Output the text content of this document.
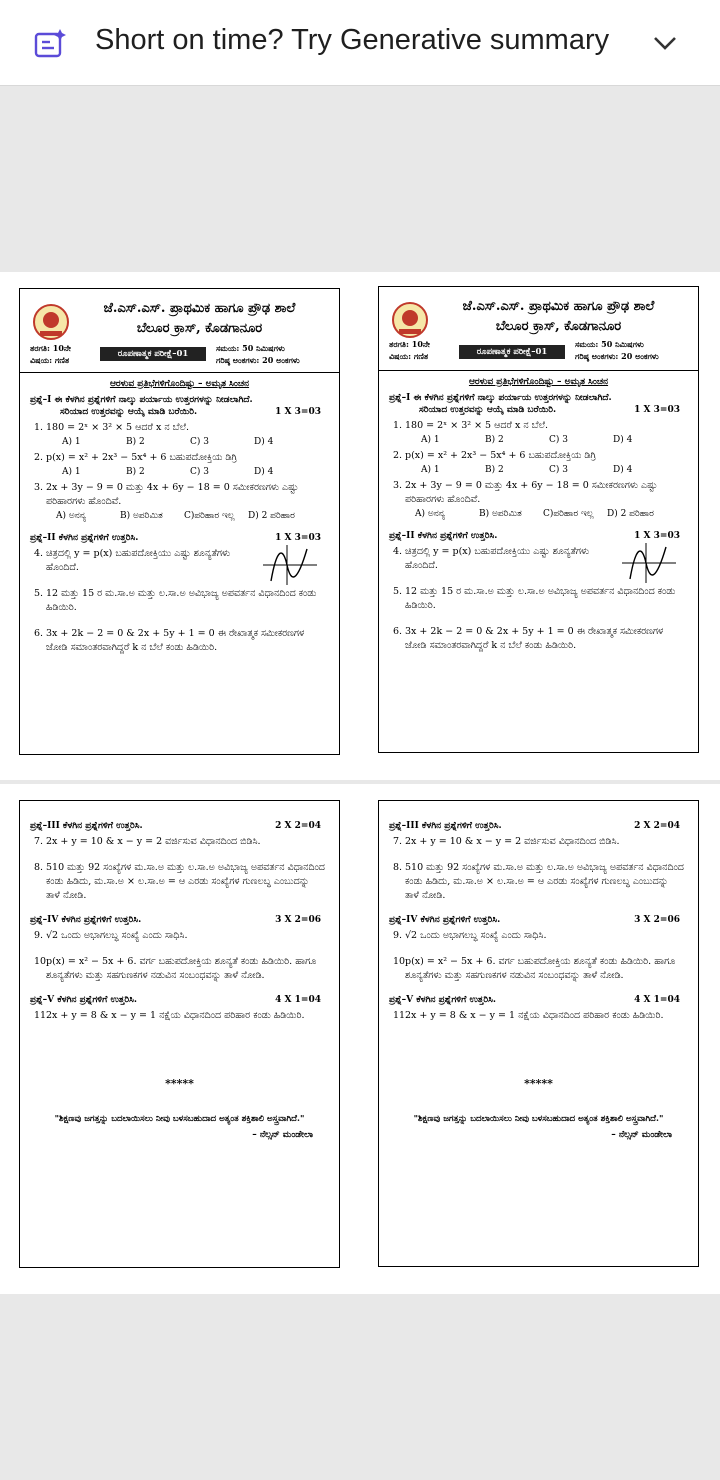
Short on time? Try Generative summary
ಜೆ.ಎಸ್.ಎಸ್. ಪ್ರಾಥಮಿಕ ಹಾಗೂ ಪ್ರೌಢ ಶಾಲೆ
ಬೆಲೂರ ಕ್ರಾಸ್, ಕೊಡಗಾನೂರ
ತರಗತಿ: 10ನೇ
ವಿಷಯ: ಗಣಿತ
ರೂಪಣಾತ್ಮಕ ಪರೀಕ್ಷೆ–01
ಸಮಯ: 50 ನಿಮಿಷಗಳು
ಗರಿಷ್ಠ ಅಂಕಗಳು: 20 ಅಂಕಗಳು
ಆರಳುವ ಪ್ರತಿಭೆಗಳಿಗೊಂದಿಷ್ಟು – ಅಮೃತ ಸಿಂಚನ
ಪ್ರಶ್ನೆ–I ಈ ಕೆಳಗಿನ ಪ್ರಶ್ನೆಗಳಿಗೆ ನಾಲ್ಕು ಪರ್ಯಾಯ ಉತ್ತರಗಳನ್ನು ನೀಡಲಾಗಿದೆ.
ಸರಿಯಾದ ಉತ್ತರವನ್ನು ಆಯ್ಕೆ ಮಾಡಿ ಬರೆಯಿರಿ.	1 X 3=03
1. 180 = 2ˣ × 3² × 5 ಆದರೆ x ನ ಬೆಲೆ.
A) 1	B) 2	C) 3	D) 4
2. p(x) = x² + 2x³ − 5x⁴ + 6 ಬಹುಪದೋಕ್ತಿಯ ಡಿಗ್ರಿ
A) 1	B) 2	C) 3	D) 4
3. 2x + 3y − 9 = 0 ಮತ್ತು 4x + 6y − 18 = 0 ಸಮೀಕರಣಗಳು ಎಷ್ಟು ಪರಿಹಾರಗಳು ಹೊಂದಿವೆ.
A) ಅನನ್ಯ	B) ಅಪರಿಮಿತ	C)ಪರಿಹಾರ ಇಲ್ಲ	D) 2 ಪರಿಹಾರ
ಪ್ರಶ್ನೆ–II ಕೆಳಗಿನ ಪ್ರಶ್ನೆಗಳಿಗೆ ಉತ್ತರಿಸಿ.	1 X 3=03
4. ಚಿತ್ರದಲ್ಲಿ y = p(x) ಬಹುಪದೋಕ್ತಿಯು ಎಷ್ಟು ಶೂನ್ಯತೆಗಳು ಹೊಂದಿದೆ.
5. 12 ಮತ್ತು 15 ರ ಮ.ಸಾ.ಅ ಮತ್ತು ಲ.ಸಾ.ಅ ಅವಿಭಾಜ್ಯ ಅಪವರ್ತನ ವಿಧಾನದಿಂದ ಕಂಡು ಹಿಡಿಯಿರಿ.
6. 3x + 2k − 2 = 0 & 2x + 5y + 1 = 0 ಈ ರೇಖಾತ್ಮಕ ಸಮೀಕರಣಗಳ ಜೋಡಿ ಸಮಾಂತರವಾಗಿದ್ದರೆ k ನ ಬೆಲೆ ಕಂಡು ಹಿಡಿಯಿರಿ.
ಜೆ.ಎಸ್.ಎಸ್. ಪ್ರಾಥಮಿಕ ಹಾಗೂ ಪ್ರೌಢ ಶಾಲೆ
ಬೆಲೂರ ಕ್ರಾಸ್, ಕೊಡಗಾನೂರ
ತರಗತಿ: 10ನೇ
ವಿಷಯ: ಗಣಿತ	ರೂಪಣಾತ್ಮಕ ಪರೀಕ್ಷೆ–01
ಸಮಯ: 50 ನಿಮಿಷಗಳು
ಗರಿಷ್ಠ ಅಂಕಗಳು: 20 ಅಂಕಗಳು
ಆರಳುವ ಪ್ರತಿಭೆಗಳಿಗೊಂದಿಷ್ಟು – ಅಮೃತ ಸಿಂಚನ
ಪ್ರಶ್ನೆ–I ಈ ಕೆಳಗಿನ ಪ್ರಶ್ನೆಗಳಿಗೆ ನಾಲ್ಕು ಪರ್ಯಾಯ ಉತ್ತರಗಳನ್ನು ನೀಡಲಾಗಿದೆ.
ಸರಿಯಾದ ಉತ್ತರವನ್ನು ಆಯ್ಕೆ ಮಾಡಿ ಬರೆಯಿರಿ.	1 X 3=03
1. 180 = 2ˣ × 3² × 5 ಆದರೆ x ನ ಬೆಲೆ.
A) 1	B) 2	C) 3	D) 4
2. p(x) = x² + 2x³ − 5x⁴ + 6 ಬಹುಪದೋಕ್ತಿಯ ಡಿಗ್ರಿ
A) 1	B) 2	C) 3	D) 4
3. 2x + 3y − 9 = 0 ಮತ್ತು 4x + 6y − 18 = 0 ಸಮೀಕರಣಗಳು ಎಷ್ಟು ಪರಿಹಾರಗಳು ಹೊಂದಿವೆ.
A) ಅನನ್ಯ	B) ಅಪರಿಮಿತ	C)ಪರಿಹಾರ ಇಲ್ಲ	D) 2 ಪರಿಹಾರ
ಪ್ರಶ್ನೆ–II ಕೆಳಗಿನ ಪ್ರಶ್ನೆಗಳಿಗೆ ಉತ್ತರಿಸಿ.	1 X 3=03
4. ಚಿತ್ರದಲ್ಲಿ y = p(x) ಬಹುಪದೋಕ್ತಿಯು ಎಷ್ಟು ಶೂನ್ಯತೆಗಳು ಹೊಂದಿದೆ.
5. 12 ಮತ್ತು 15 ರ ಮ.ಸಾ.ಅ ಮತ್ತು ಲ.ಸಾ.ಅ ಅವಿಭಾಜ್ಯ ಅಪವರ್ತನ ವಿಧಾನದಿಂದ ಕಂಡು ಹಿಡಿಯಿರಿ.
6. 3x + 2k − 2 = 0 & 2x + 5y + 1 = 0 ಈ ರೇಖಾತ್ಮಕ ಸಮೀಕರಣಗಳ ಜೋಡಿ ಸಮಾಂತರವಾಗಿದ್ದರೆ k ನ ಬೆಲೆ ಕಂಡು ಹಿಡಿಯಿರಿ.
ಪ್ರಶ್ನೆ–III ಕೆಳಗಿನ ಪ್ರಶ್ನೆಗಳಿಗೆ ಉತ್ತರಿಸಿ.	2 X 2=04
7. 2x + y = 10 & x − y = 2 ವರ್ಜಿಸುವ ವಿಧಾನದಿಂದ ಬಿಡಿಸಿ.
8. 510 ಮತ್ತು 92 ಸಂಖ್ಯೆಗಳ ಮ.ಸಾ.ಅ ಮತ್ತು ಲ.ಸಾ.ಅ ಅವಿಭಾಜ್ಯ ಅಪವರ್ತನ ವಿಧಾನದಿಂದ ಕಂಡು ಹಿಡಿದು, ಮ.ಸಾ.ಅ × ಲ.ಸಾ.ಅ = ಆ ಎರಡು ಸಂಖ್ಯೆಗಳ ಗುಣಲಬ್ಧ ಎಂಬುದನ್ನು ತಾಳೆ ನೋಡಿ.
ಪ್ರಶ್ನೆ–IV ಕೆಳಗಿನ ಪ್ರಶ್ನೆಗಳಿಗೆ ಉತ್ತರಿಸಿ.	3 X 2=06
9. √2 ಒಂದು ಅಭಾಗಲಬ್ಧ ಸಂಖ್ಯೆ ಎಂದು ಸಾಧಿಸಿ.
10.
p(x) = x² − 5x + 6. ವರ್ಗ ಬಹುಪದೋಕ್ತಿಯ ಶೂನ್ಯತೆ ಕಂಡು ಹಿಡಿಯಿರಿ. ಹಾಗೂ ಶೂನ್ಯತೆಗಳು ಮತ್ತು ಸಹಗುಣಕಗಳ ನಡುವಿನ ಸಂಬಂಧವನ್ನು ತಾಳೆ ನೋಡಿ.
ಪ್ರಶ್ನೆ–V ಕೆಳಗಿನ ಪ್ರಶ್ನೆಗಳಿಗೆ ಉತ್ತರಿಸಿ.	4 X 1=04
11.
2x + y = 8 & x − y = 1 ನಕ್ಷೆಯ ವಿಧಾನದಿಂದ ಪರಿಹಾರ ಕಂಡು ಹಿಡಿಯಿರಿ.
*****
"ಶಿಕ್ಷಣವು ಜಗತ್ತನ್ನು ಬದಲಾಯಿಸಲು ನೀವು ಬಳಸಬಹುದಾದ ಅತ್ಯಂತ ಶಕ್ತಿಶಾಲಿ ಅಸ್ತ್ರವಾಗಿದೆ."
– ನೆಲ್ಸನ್ ಮಂಡೇಲಾ
ಪ್ರಶ್ನೆ–III ಕೆಳಗಿನ ಪ್ರಶ್ನೆಗಳಿಗೆ ಉತ್ತರಿಸಿ.	2 X 2=04
7. 2x + y = 10 & x − y = 2 ವರ್ಜಿಸುವ ವಿಧಾನದಿಂದ ಬಿಡಿಸಿ.
8. 510 ಮತ್ತು 92 ಸಂಖ್ಯೆಗಳ ಮ.ಸಾ.ಅ ಮತ್ತು ಲ.ಸಾ.ಅ ಅವಿಭಾಜ್ಯ ಅಪವರ್ತನ ವಿಧಾನದಿಂದ ಕಂಡು ಹಿಡಿದು, ಮ.ಸಾ.ಅ × ಲ.ಸಾ.ಅ = ಆ ಎರಡು ಸಂಖ್ಯೆಗಳ ಗುಣಲಬ್ಧ ಎಂಬುದನ್ನು ತಾಳೆ ನೋಡಿ.
ಪ್ರಶ್ನೆ–IV ಕೆಳಗಿನ ಪ್ರಶ್ನೆಗಳಿಗೆ ಉತ್ತರಿಸಿ.	3 X 2=06
9. √2 ಒಂದು ಅಭಾಗಲಬ್ಧ ಸಂಖ್ಯೆ ಎಂದು ಸಾಧಿಸಿ.
10.
p(x) = x² − 5x + 6. ವರ್ಗ ಬಹುಪದೋಕ್ತಿಯ ಶೂನ್ಯತೆ ಕಂಡು ಹಿಡಿಯಿರಿ. ಹಾಗೂ ಶೂನ್ಯತೆಗಳು ಮತ್ತು ಸಹಗುಣಕಗಳ ನಡುವಿನ ಸಂಬಂಧವನ್ನು ತಾಳೆ ನೋಡಿ.
ಪ್ರಶ್ನೆ–V ಕೆಳಗಿನ ಪ್ರಶ್ನೆಗಳಿಗೆ ಉತ್ತರಿಸಿ.	4 X 1=04
11.
2x + y = 8 & x − y = 1 ನಕ್ಷೆಯ ವಿಧಾನದಿಂದ ಪರಿಹಾರ ಕಂಡು ಹಿಡಿಯಿರಿ.
*****
"ಶಿಕ್ಷಣವು ಜಗತ್ತನ್ನು ಬದಲಾಯಿಸಲು ನೀವು ಬಳಸಬಹುದಾದ ಅತ್ಯಂತ ಶಕ್ತಿಶಾಲಿ ಅಸ್ತ್ರವಾಗಿದೆ."
– ನೆಲ್ಸನ್ ಮಂಡೇಲಾ
